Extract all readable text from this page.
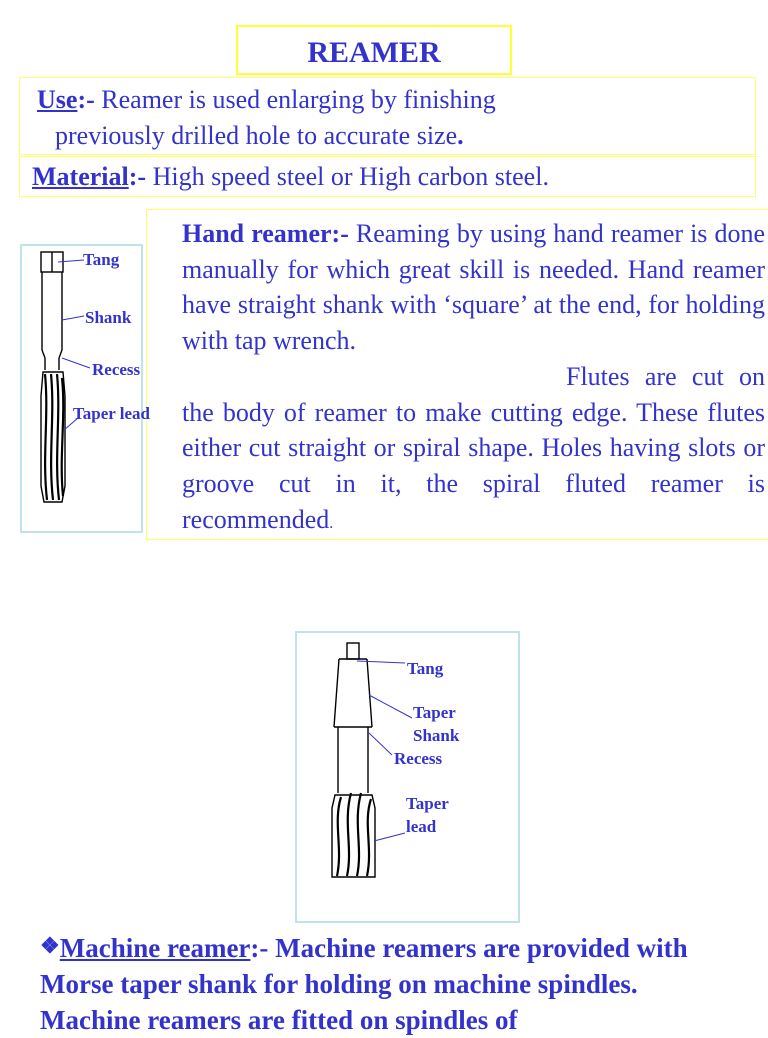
REAMER
Use:- Reamer is used enlarging by finishing
previously drilled hole to accurate size.
Material:- High speed steel or High carbon steel.

Hand reamer:- Reaming by using hand reamer is done manually for which great skill is needed. Hand reamer have straight shank with ‘square’ at the end, for holding with tap wrench.

Flutes are cut on the body of reamer to make cutting edge. These flutes either cut straight or spiral shape. Holes having slots or groove cut in it, the spiral fluted reamer is recommended.

Tang
Shank
Recess
Taper lead
Tang
Taper
Shank
Recess
Taper
lead
❖Machine reamer:- Machine reamers are provided with Morse taper shank for holding on machine spindles. Machine reamers are fitted on spindles of
